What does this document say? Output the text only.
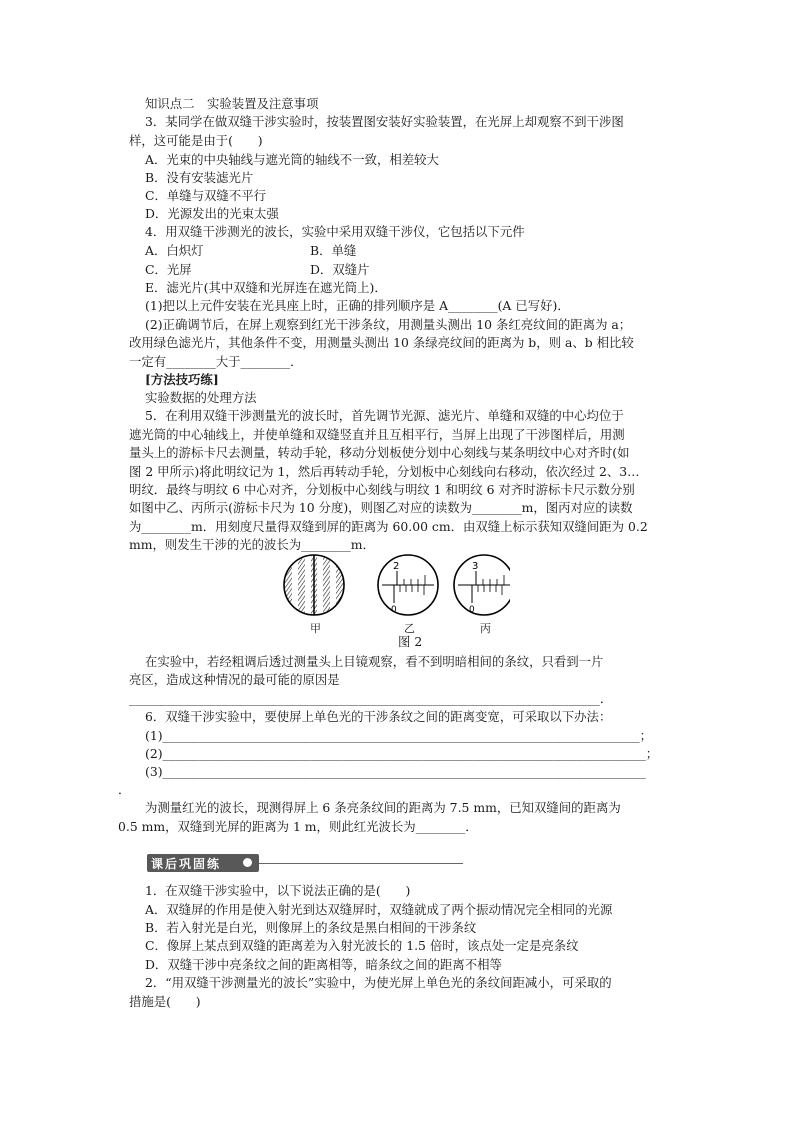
知识点二　实验装置及注意事项
3．某同学在做双缝干涉实验时，按装置图安装好实验装置，在光屏上却观察不到干涉图
样，这可能是由于(　　)
A．光束的中央轴线与遮光筒的轴线不一致，相差较大
B．没有安装滤光片
C．单缝与双缝不平行
D．光源发出的光束太强
4．用双缝干涉测光的波长，实验中采用双缝干涉仪，它包括以下元件
A．白炽灯	B．单缝
C．光屏	D．双缝片
E．滤光片(其中双缝和光屏连在遮光筒上)．
(1)把以上元件安装在光具座上时，正确的排列顺序是 A________(A 已写好)．
(2)正确调节后，在屏上观察到红光干涉条纹，用测量头测出 10 条红亮纹间的距离为 a；
改用绿色滤光片，其他条件不变，用测量头测出 10 条绿亮纹间的距离为 b，则 a、b 相比较
一定有________大于________．
[方法技巧练]
实验数据的处理方法
5．在利用双缝干涉测量光的波长时，首先调节光源、滤光片、单缝和双缝的中心均位于
遮光筒的中心轴线上，并使单缝和双缝竖直并且互相平行，当屏上出现了干涉图样后，用测
量头上的游标卡尺去测量，转动手轮，移动分划板使分划中心刻线与某条明纹中心对齐时(如
图 2 甲所示)将此明纹记为 1，然后再转动手轮，分划板中心刻线向右移动，依次经过 2、3…
明纹．最终与明纹 6 中心对齐，分划板中心刻线与明纹 1 和明纹 6 对齐时游标卡尺示数分别
如图中乙、丙所示(游标卡尺为 10 分度)，则图乙对应的读数为________m，图丙对应的读数
为________m．用刻度尺量得双缝到屏的距离为 60.00 cm．由双缝上标示获知双缝间距为 0.2
mm，则发生干涉的光的波长为________m．
2
0
3
0
甲	乙	丙
图 2
在实验中，若经粗调后透过测量头上目镜观察，看不到明暗相间的条纹，只看到一片
亮区，造成这种情况的最可能的原因是
____________________________________________________________________________．
6．双缝干涉实验中，要使屏上单色光的干涉条纹之间的距离变宽，可采取以下办法：
(1)_____________________________________________________________________________；
(2)______________________________________________________________________________；
(3)______________________________________________________________________________
．
为测量红光的波长，现测得屏上 6 条亮条纹间的距离为 7.5 mm，已知双缝间的距离为
0.5 mm，双缝到光屏的距离为 1 m，则此红光波长为________．
课后巩固练
1．在双缝干涉实验中，以下说法正确的是(　　)
A．双缝屏的作用是使入射光到达双缝屏时，双缝就成了两个振动情况完全相同的光源
B．若入射光是白光，则像屏上的条纹是黑白相间的干涉条纹
C．像屏上某点到双缝的距离差为入射光波长的 1.5 倍时，该点处一定是亮条纹
D．双缝干涉中亮条纹之间的距离相等，暗条纹之间的距离不相等
2．“用双缝干涉测量光的波长”实验中，为使光屏上单色光的条纹间距减小，可采取的
措施是(　　)
